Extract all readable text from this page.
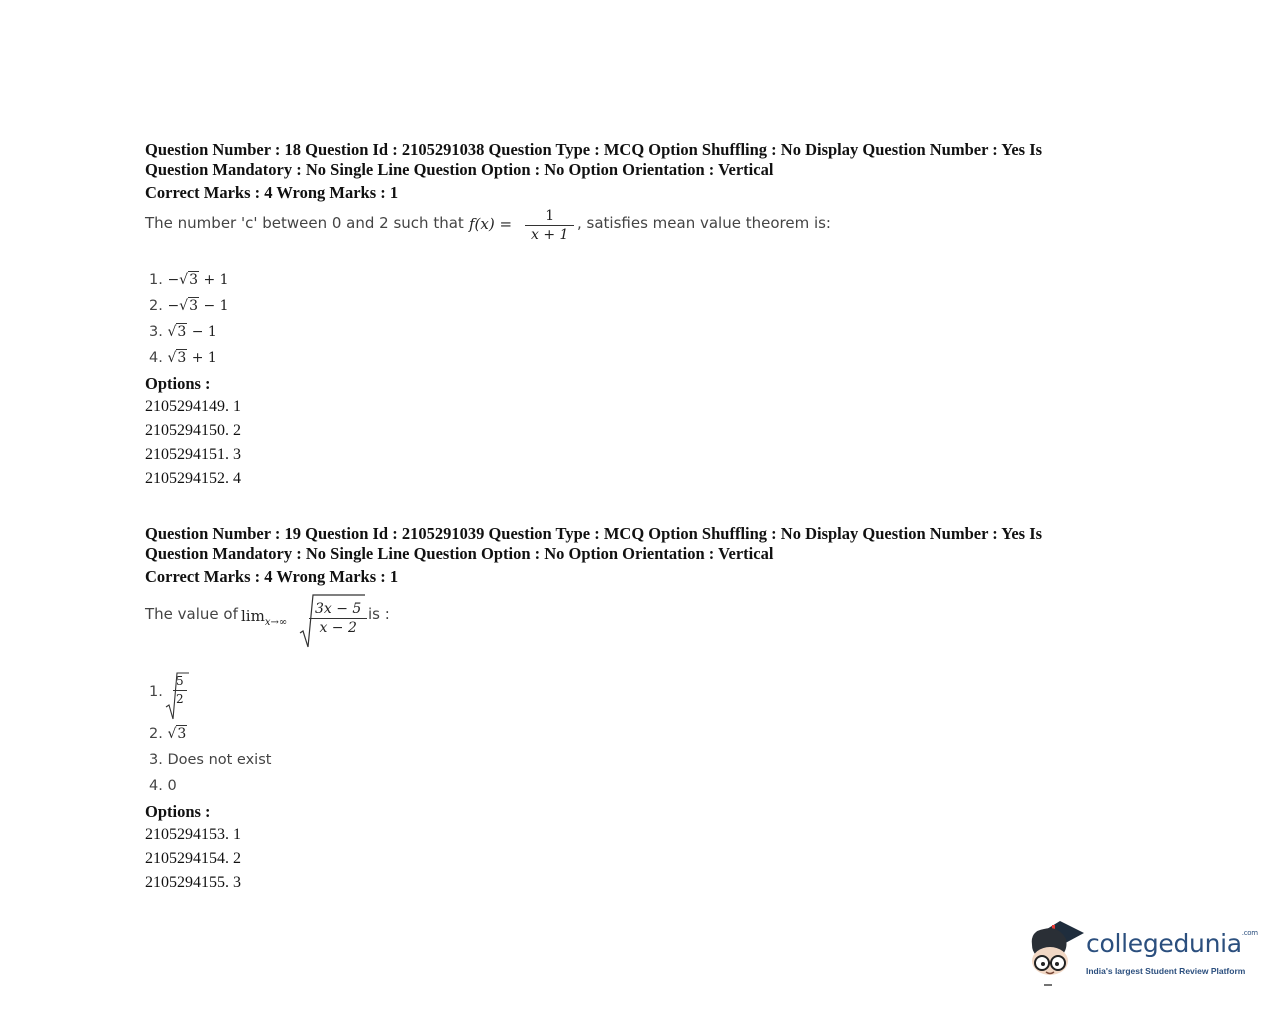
Question Number : 18 Question Id : 2105291038 Question Type : MCQ Option Shuffling : No Display Question Number : Yes Is
Question Mandatory : No Single Line Question Option : No Option Orientation : Vertical
Correct Marks : 4 Wrong Marks : 1
The number 'c' between 0 and 2 such that $f(x) = \frac{1}{x + 1}$ , satisfies mean value theorem is:
1. −√3 + 1
2. −√3 − 1
3. √3 − 1
4. √3 + 1
Options :
2105294149. 1
2105294150. 2
2105294151. 3
2105294152. 4
Question Number : 19 Question Id : 2105291039 Question Type : MCQ Option Shuffling : No Display Question Number : Yes Is
Question Mandatory : No Single Line Question Option : No Option Orientation : Vertical
Correct Marks : 4 Wrong Marks : 1
The value of $\lim_{x\to\infty} \frac{3x - 5}{x - 2}$ is :
1. $\frac{5}{2}$
2. √3
3. Does not exist
4. 0
Options :
2105294153. 1
2105294154. 2
2105294155. 3
collegedunia$^{.com}$
India's largest Student Review Platform
